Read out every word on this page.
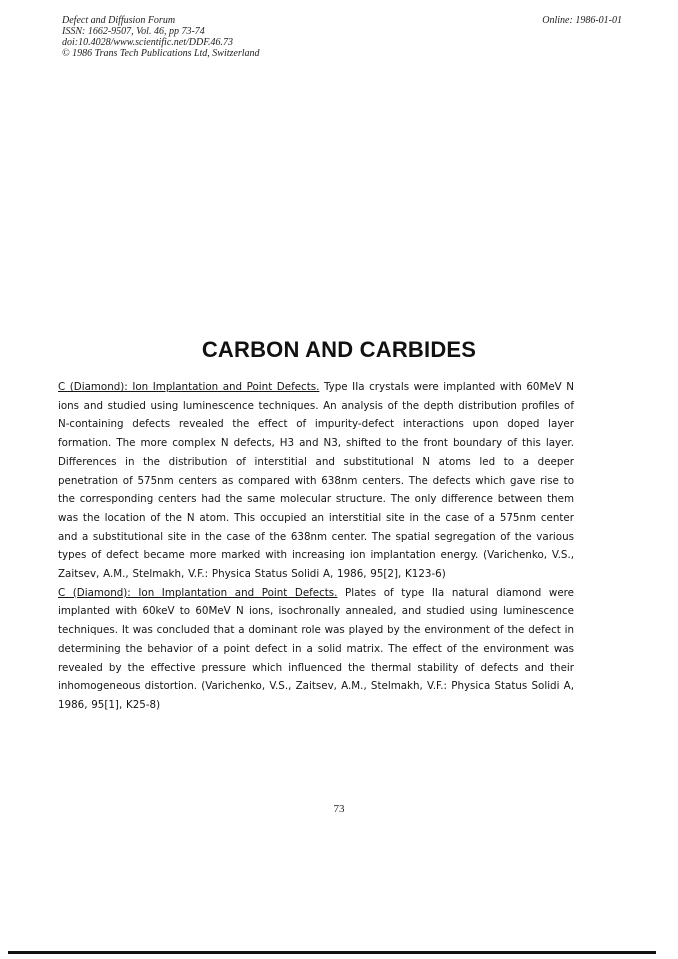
Defect and Diffusion Forum
ISSN: 1662-9507, Vol. 46, pp 73-74
doi:10.4028/www.scientific.net/DDF.46.73
© 1986 Trans Tech Publications Ltd, Switzerland
Online: 1986-01-01
CARBON AND CARBIDES

C (Diamond): Ion Implantation and Point Defects. Type IIa crystals were implanted with 60MeV N ions and studied using luminescence techniques. An analysis of the depth distribution profiles of N-containing defects revealed the effect of impurity-defect interactions upon doped layer formation. The more complex N defects, H3 and N3, shifted to the front boundary of this layer. Differences in the distribution of interstitial and substitutional N atoms led to a deeper penetration of 575nm centers as compared with 638nm centers. The defects which gave rise to the corresponding centers had the same molecular structure. The only difference between them was the location of the N atom. This occupied an interstitial site in the case of a 575nm center and a substitutional site in the case of the 638nm center. The spatial segregation of the various types of defect became more marked with increasing ion implantation energy. (Varichenko, V.S., Zaitsev, A.M., Stelmakh, V.F.: Physica Status Solidi A, 1986, 95[2], K123-6)

C (Diamond): Ion Implantation and Point Defects. Plates of type IIa natural diamond were implanted with 60keV to 60MeV N ions, isochronally annealed, and studied using luminescence techniques. It was concluded that a dominant role was played by the environment of the defect in determining the behavior of a point defect in a solid matrix. The effect of the environment was revealed by the effective pressure which influenced the thermal stability of defects and their inhomogeneous distortion. (Varichenko, V.S., Zaitsev, A.M., Stelmakh, V.F.: Physica Status Solidi A, 1986, 95[1], K25-8)

73
